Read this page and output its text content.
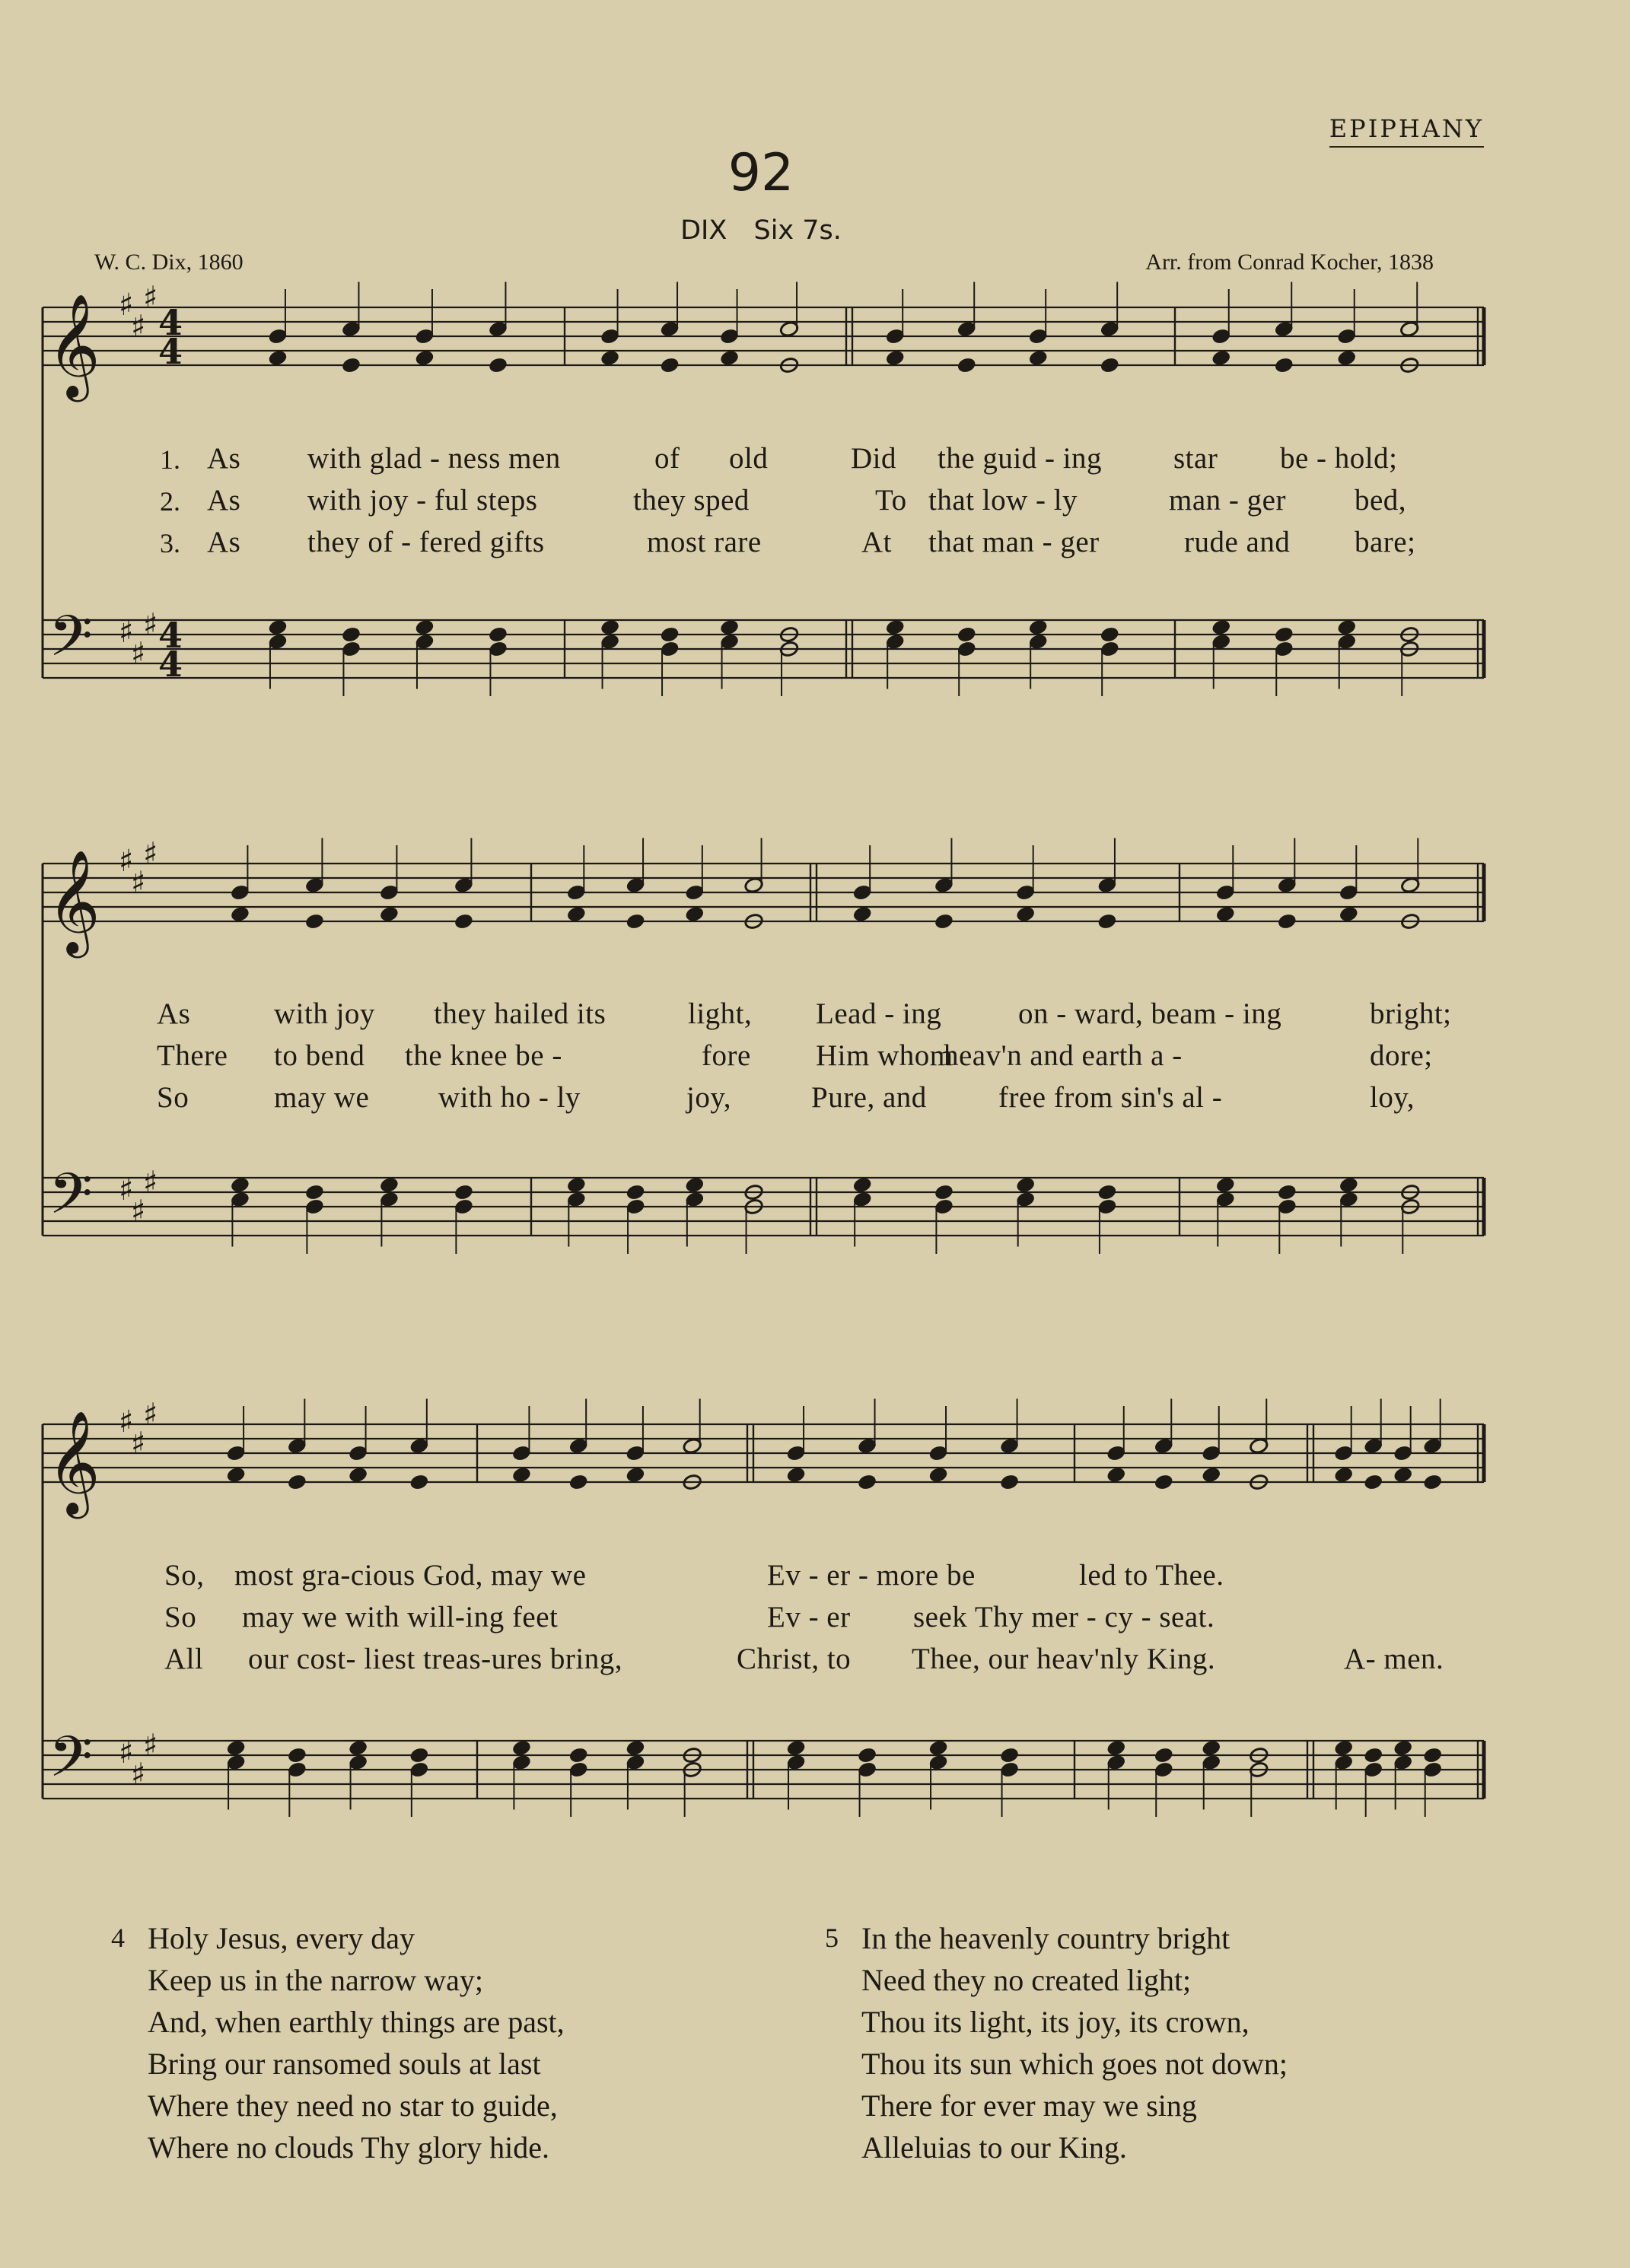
EPIPHANY
92
DIX Six 7s.
W. C. Dix, 1860	Arr. from Conrad Kocher, 1838
𝄞
𝄢
♯
♯
♯
♯
♯
♯
4
4
4
4
𝄞
𝄢
♯
♯
♯
♯
♯
♯
𝄞
𝄢
♯
♯
♯
♯
♯
♯
1.
2.
3.
As with glad - ness men	of old	Did the guid - ing star be - hold;
As with joy - ful steps	they sped	To that low - ly	man - ger bed,
As they of - fered gifts	most rare	At that man - ger	rude and bare;
As	with joy they hailed its	light, Lead - ing	on - ward, beam - ing	bright;
There to bend the knee be -	fore Him whom
heav'n and earth a -	dore;
So	may we with ho - ly	joy,	Pure, and free from sin's al -	loy,
So, most gra-cious God, may we	Ev - er - more be	led to Thee.
So may we with will-ing feet	Ev - er seek Thy mer - cy - seat.
All our cost- liest treas-ures bring,	Christ, to Thee, our heav'nly King.	A- men.
4 Holy Jesus, every day
Keep us in the narrow way;
And, when earthly things are past,
Bring our ransomed souls at last
Where they need no star to guide,
Where no clouds Thy glory hide.
5 In the heavenly country bright
Need they no created light;
Thou its light, its joy, its crown,
Thou its sun which goes not down;
There for ever may we sing
Alleluias to our King.
